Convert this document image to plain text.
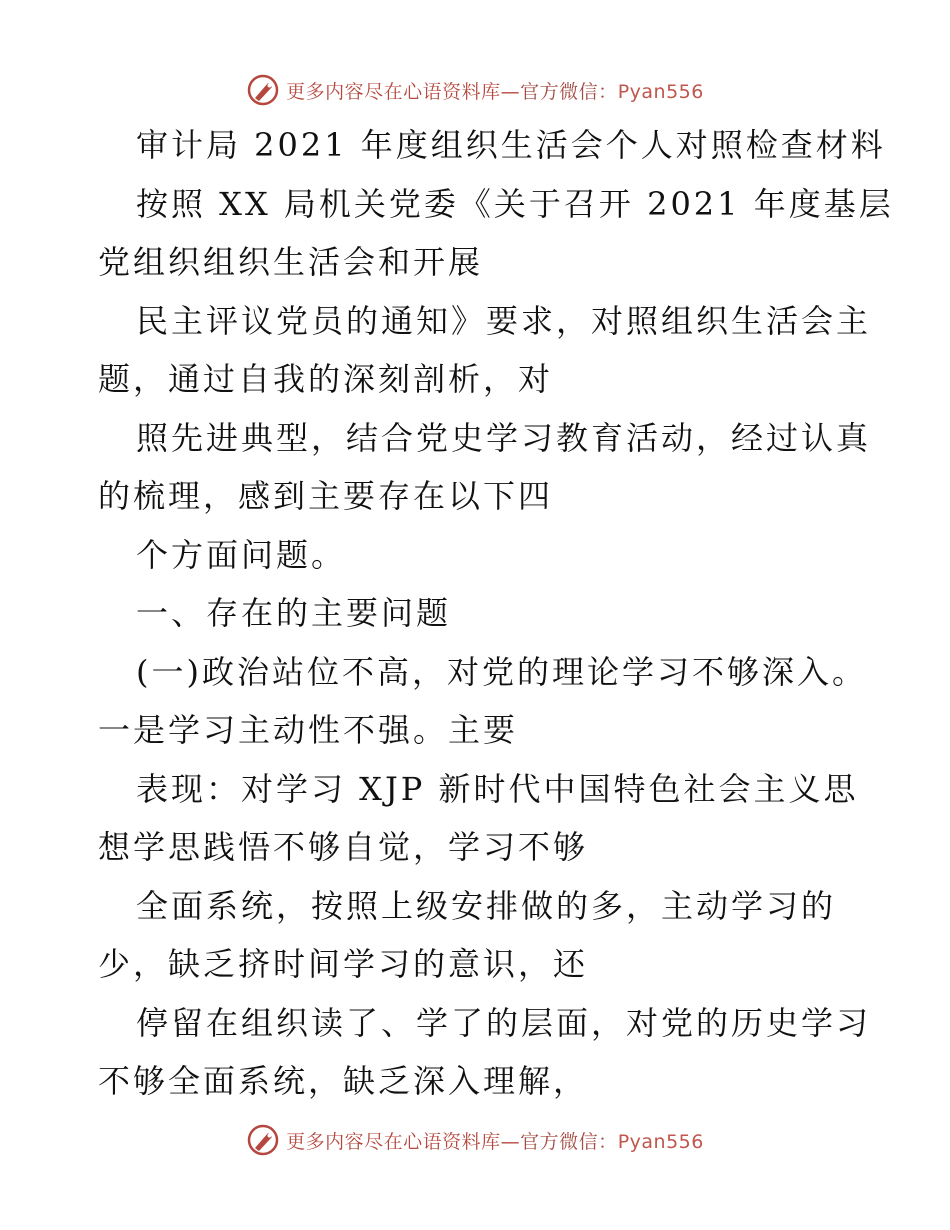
更多内容尽在心语资料库—官方微信：Pyan556
审计局 2021 年度组织生活会个人对照检查材料
按照 XX 局机关党委《关于召开 2021 年度基层
党组织组织生活会和开展
民主评议党员的通知》要求，对照组织生活会主
题，通过自我的深刻剖析，对
照先进典型，结合党史学习教育活动，经过认真
的梳理，感到主要存在以下四
个方面问题。
一、存在的主要问题
(一)政治站位不高，对党的理论学习不够深入。
一是学习主动性不强。主要
表现：对学习 XJP 新时代中国特色社会主义思
想学思践悟不够自觉，学习不够
全面系统，按照上级安排做的多，主动学习的
少，缺乏挤时间学习的意识，还
停留在组织读了、学了的层面，对党的历史学习
不够全面系统，缺乏深入理解，
更多内容尽在心语资料库—官方微信：Pyan556
